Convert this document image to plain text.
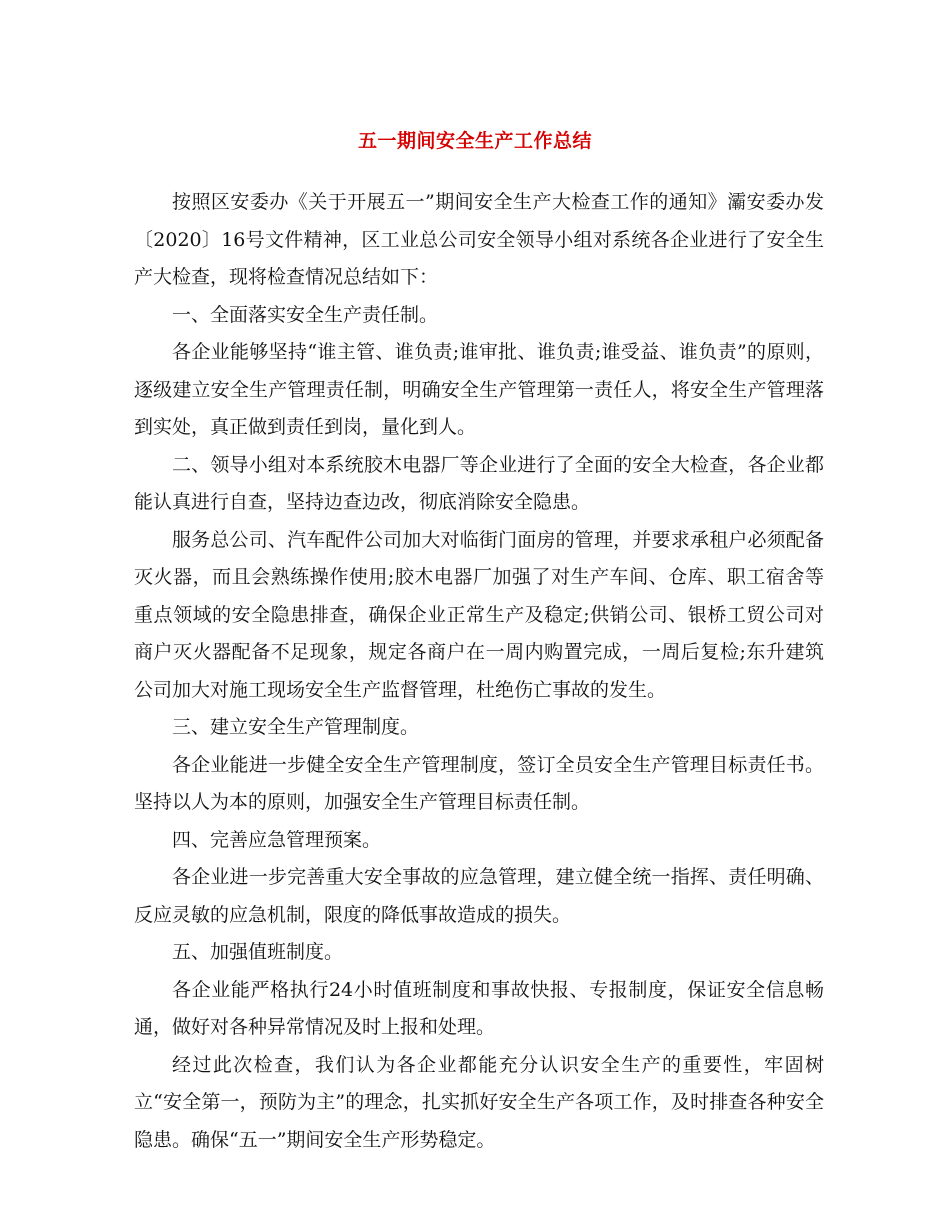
五一期间安全生产工作总结

按照区安委办《关于开展五一”期间安全生产大检查工作的通知》灞安委办发〔2020〕16号文件精神，区工业总公司安全领导小组对系统各企业进行了安全生产大检查，现将检查情况总结如下：

一、全面落实安全生产责任制。

各企业能够坚持“谁主管、谁负责;谁审批、谁负责;谁受益、谁负责”的原则，逐级建立安全生产管理责任制，明确安全生产管理第一责任人，将安全生产管理落到实处，真正做到责任到岗，量化到人。

二、领导小组对本系统胶木电器厂等企业进行了全面的安全大检查，各企业都能认真进行自查，坚持边查边改，彻底消除安全隐患。

服务总公司、汽车配件公司加大对临街门面房的管理，并要求承租户必须配备灭火器，而且会熟练操作使用;胶木电器厂加强了对生产车间、仓库、职工宿舍等重点领域的安全隐患排查，确保企业正常生产及稳定;供销公司、银桥工贸公司对商户灭火器配备不足现象，规定各商户在一周内购置完成，一周后复检;东升建筑公司加大对施工现场安全生产监督管理，杜绝伤亡事故的发生。

三、建立安全生产管理制度。

各企业能进一步健全安全生产管理制度，签订全员安全生产管理目标责任书。坚持以人为本的原则，加强安全生产管理目标责任制。

四、完善应急管理预案。

各企业进一步完善重大安全事故的应急管理，建立健全统一指挥、责任明确、反应灵敏的应急机制，限度的降低事故造成的损失。

五、加强值班制度。

各企业能严格执行24小时值班制度和事故快报、专报制度，保证安全信息畅通，做好对各种异常情况及时上报和处理。

经过此次检查，我们认为各企业都能充分认识安全生产的重要性，牢固树立“安全第一，预防为主”的理念，扎实抓好安全生产各项工作，及时排查各种安全隐患。确保“五一”期间安全生产形势稳定。
